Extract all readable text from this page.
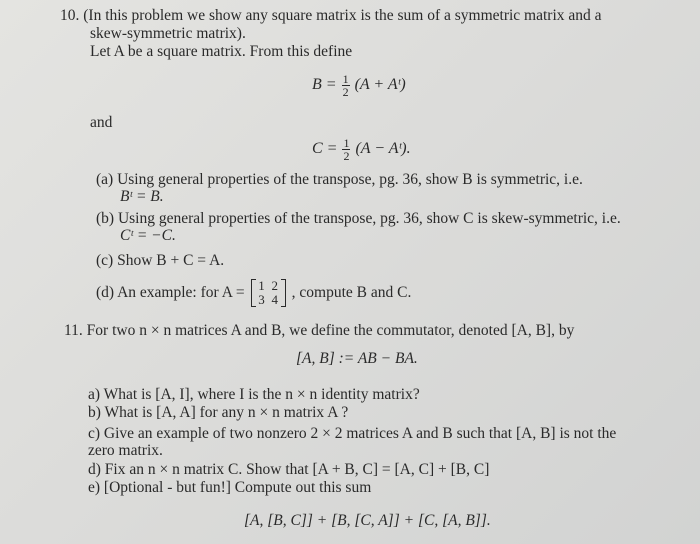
10. (In this problem we show any square matrix is the sum of a symmetric matrix and a
skew-symmetric matrix).
Let A be a square matrix. From this define
$B = \frac{1}{2} (A$ + Aᵗ)
and
$C = \frac{1}{2} (A$ − Aᵗ).
(a) Using general properties of the transpose, pg. 36, show B is symmetric, i.e.
Bᵗ = B.
(b) Using general properties of the transpose, pg. 36, show C is skew-symmetric, i.e.
Cᵗ = −C.
(c) Show B + C = A.
(d) An example: for A = 1 2
3 4 , compute B and C.
11. For two n × n matrices A and B, we define the commutator, denoted [A, B], by
[A, B] := AB − BA.
a) What is [A, I], where I is the n × n identity matrix?
b) What is [A, A] for any n × n matrix A ?
c) Give an example of two nonzero 2 × 2 matrices A and B such that [A, B] is not the
zero matrix.
d) Fix an n × n matrix C. Show that [A + B, C] = [A, C] + [B, C]
e) [Optional - but fun!] Compute out this sum
[A, [B, C]] + [B, [C, A]] + [C, [A, B]].
